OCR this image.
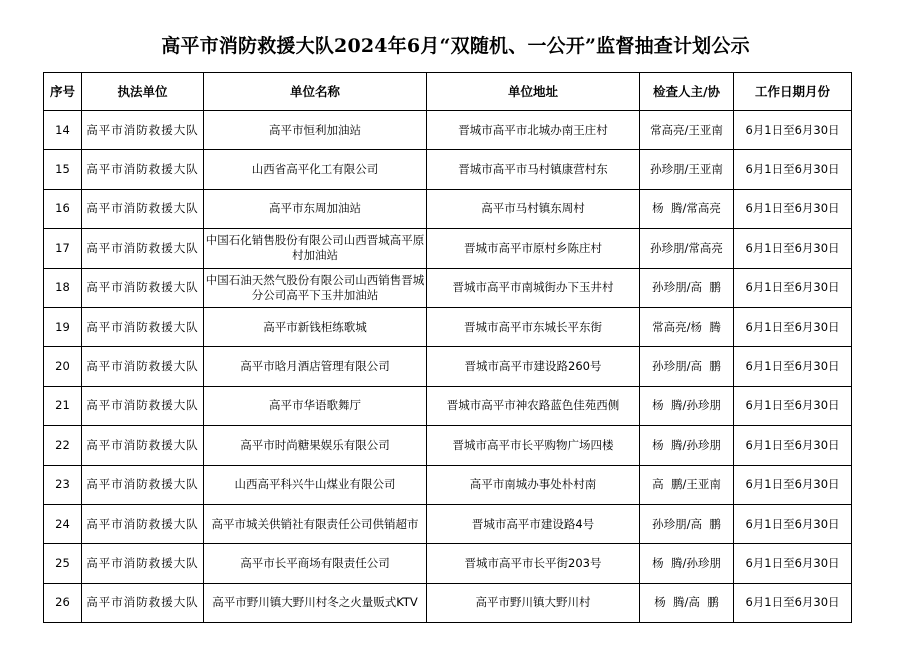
高平市消防救援大队2024年6月“双随机、一公开”监督抽查计划公示
序号	执法单位	单位名称	单位地址	检查人主/协	工作日期月份
14	高平市消防救援大队	高平市恒利加油站	晋城市高平市北城办南王庄村	常高亮/王亚南	6月1日至6月30日
15	高平市消防救援大队	山西省高平化工有限公司	晋城市高平市马村镇康营村东	孙珍朋/王亚南	6月1日至6月30日
16	高平市消防救援大队	高平市东周加油站	高平市马村镇东周村	杨  腾/常高亮	6月1日至6月30日
17	高平市消防救援大队	中国石化销售股份有限公司山西晋城高平原村加油站	晋城市高平市原村乡陈庄村	孙珍朋/常高亮	6月1日至6月30日
18	高平市消防救援大队	中国石油天然气股份有限公司山西销售晋城分公司高平下玉井加油站	晋城市高平市南城街办下玉井村	孙珍朋/高  鹏	6月1日至6月30日
19	高平市消防救援大队	高平市新钱柜练歌城	晋城市高平市东城长平东街	常高亮/杨  腾	6月1日至6月30日
20	高平市消防救援大队	高平市晗月酒店管理有限公司	晋城市高平市建设路260号	孙珍朋/高  鹏	6月1日至6月30日
21	高平市消防救援大队	高平市华语歌舞厅	晋城市高平市神农路蓝色佳苑西侧	杨  腾/孙珍朋	6月1日至6月30日
22	高平市消防救援大队	高平市时尚糖果娱乐有限公司	晋城市高平市长平购物广场四楼	杨  腾/孙珍朋	6月1日至6月30日
23	高平市消防救援大队	山西高平科兴牛山煤业有限公司	高平市南城办事处朴村南	高  鹏/王亚南	6月1日至6月30日
24	高平市消防救援大队	高平市城关供销社有限责任公司供销超市	晋城市高平市建设路4号	孙珍朋/高  鹏	6月1日至6月30日
25	高平市消防救援大队	高平市长平商场有限责任公司	晋城市高平市长平街203号	杨  腾/孙珍朋	6月1日至6月30日
26	高平市消防救援大队	高平市野川镇大野川村冬之火量贩式KTV	高平市野川镇大野川村	杨  腾/高  鹏	6月1日至6月30日
